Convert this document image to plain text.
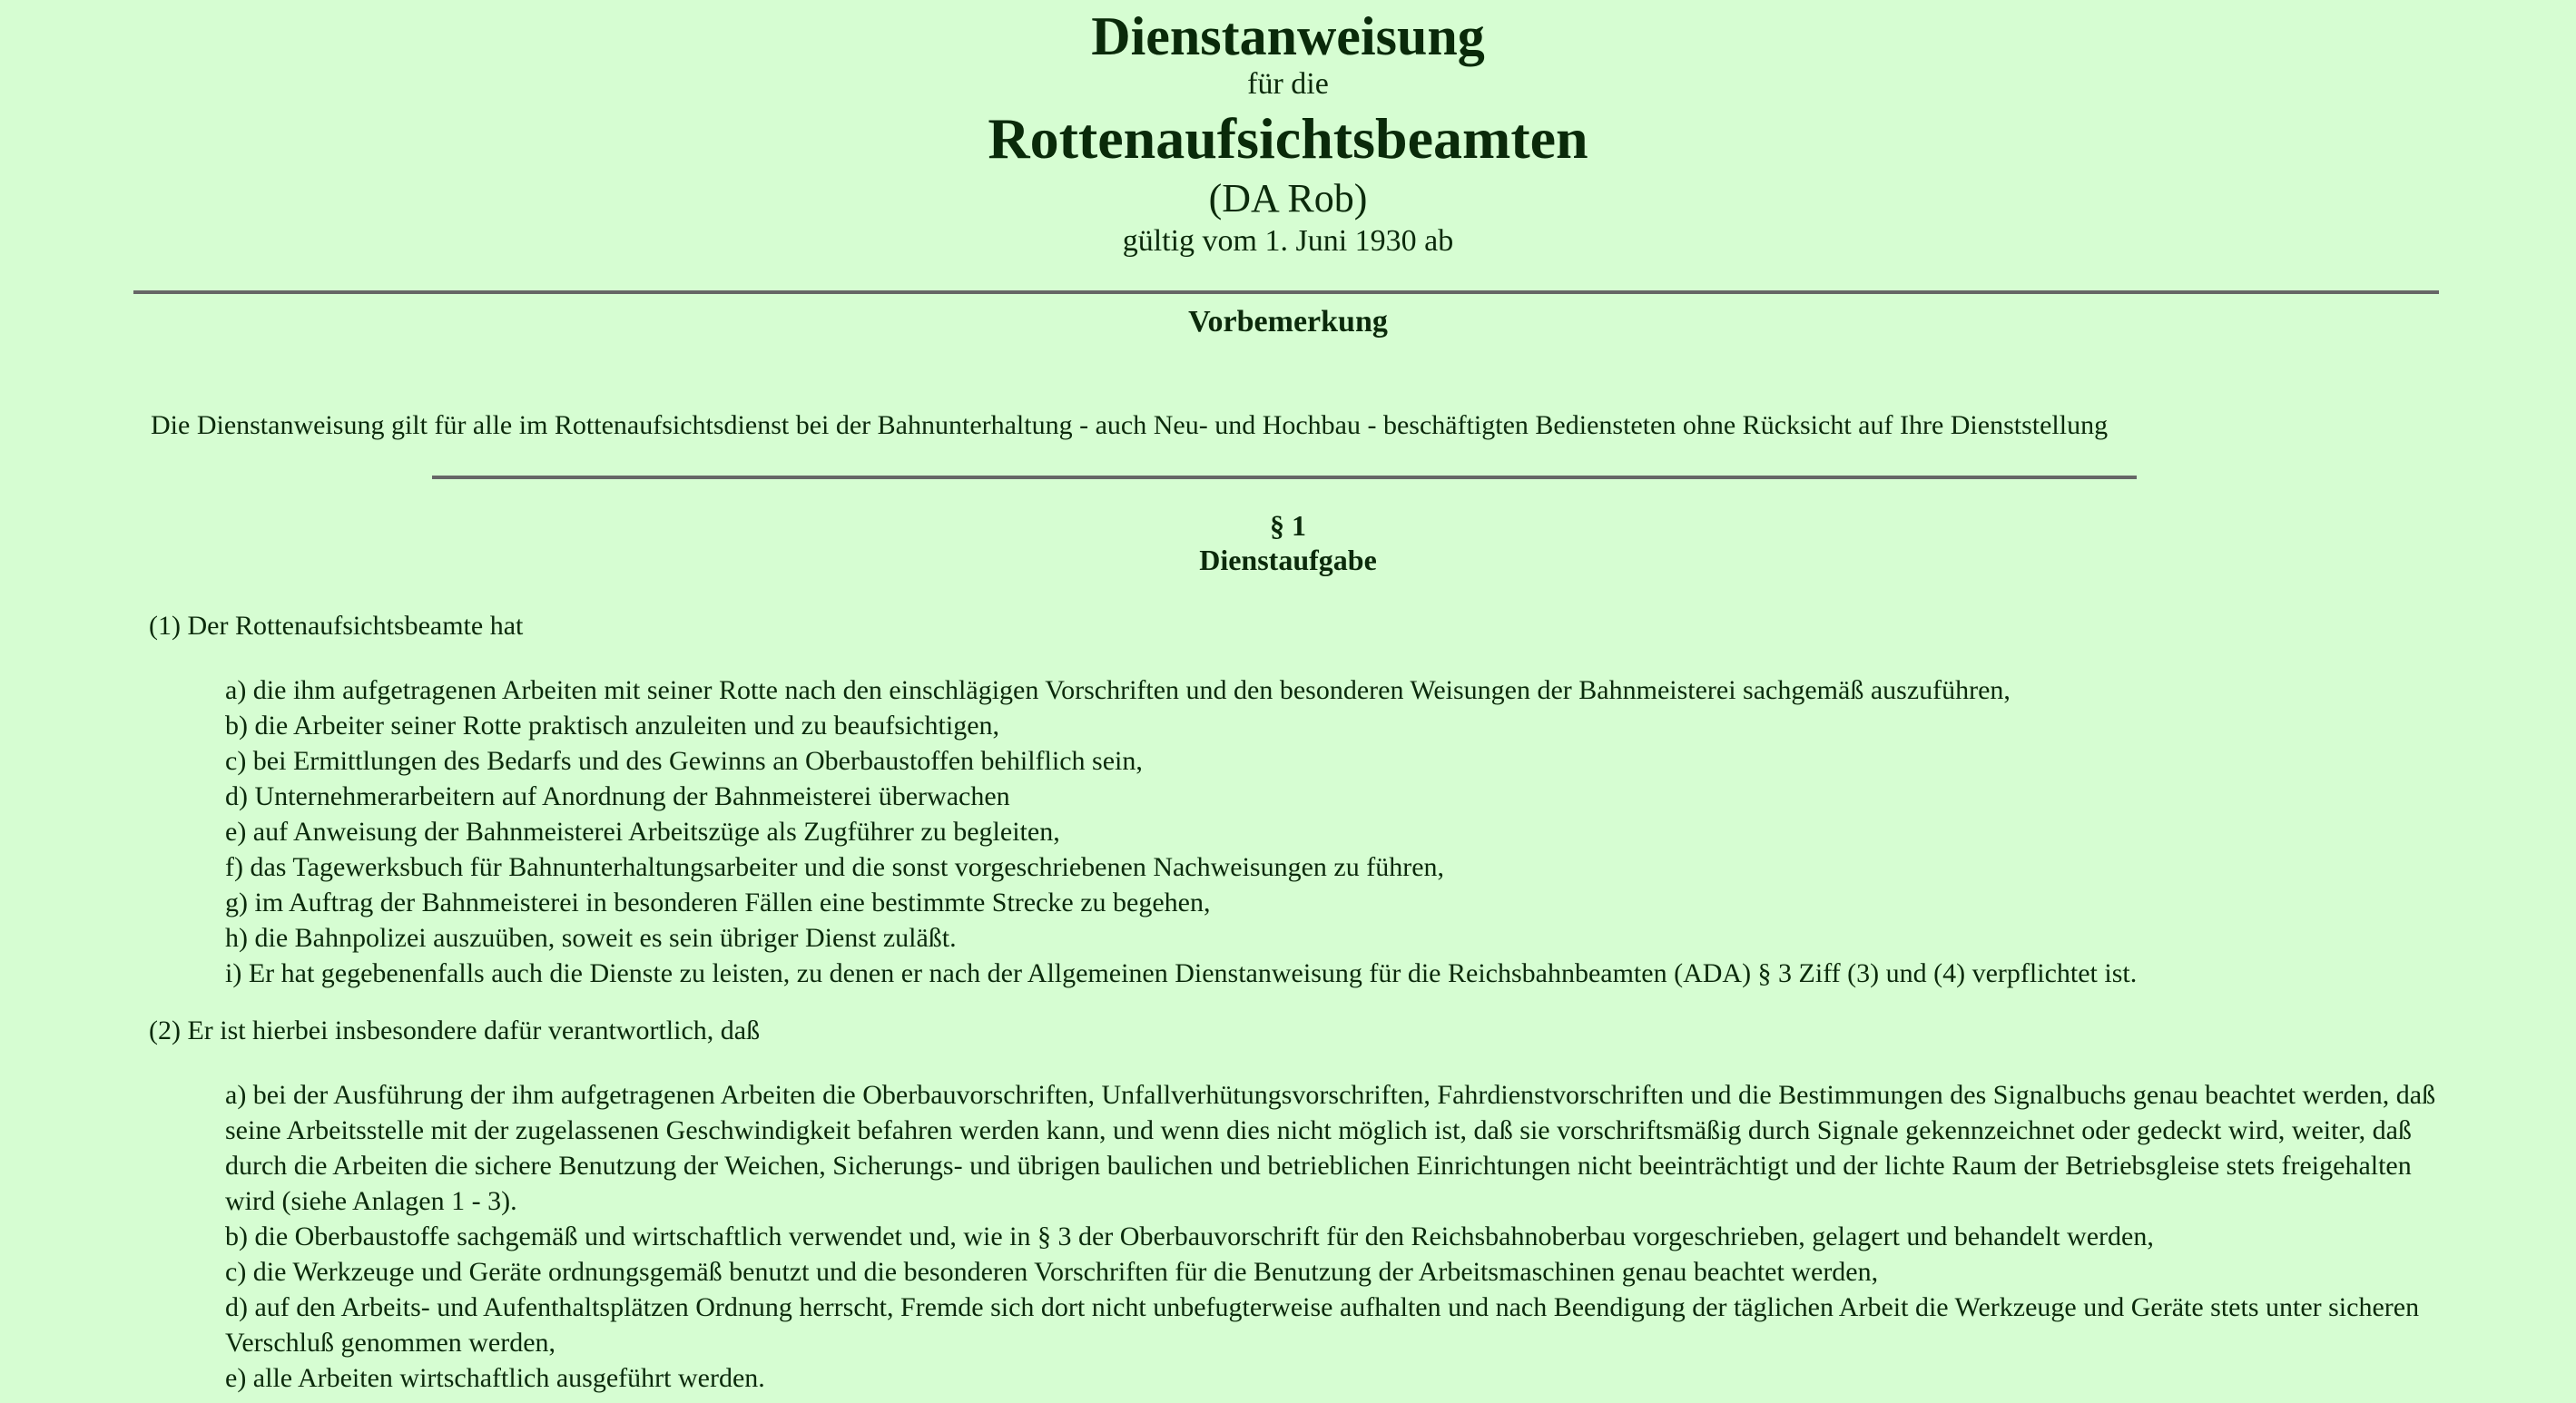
Dienstanweisung

für die

Rottenaufsichtsbeamten

(DA Rob)

gültig vom 1. Juni 1930 ab

Vorbemerkung
Die Dienstanweisung gilt für alle im Rottenaufsichtsdienst bei der Bahnunterhaltung - auch Neu- und Hochbau - beschäftigten Bediensteten ohne Rücksicht auf Ihre Dienststellung
§ 1
Dienstaufgabe

(1) Der Rottenaufsichtsbeamte hat

a) die ihm aufgetragenen Arbeiten mit seiner Rotte nach den einschlägigen Vorschriften und den besonderen Weisungen der Bahnmeisterei sachgemäß auszuführen,
b) die Arbeiter seiner Rotte praktisch anzuleiten und zu beaufsichtigen,
c) bei Ermittlungen des Bedarfs und des Gewinns an Oberbaustoffen behilflich sein,
d) Unternehmerarbeitern auf Anordnung der Bahnmeisterei überwachen
e) auf Anweisung der Bahnmeisterei Arbeitszüge als Zugführer zu begleiten,
f) das Tagewerksbuch für Bahnunterhaltungsarbeiter und die sonst vorgeschriebenen Nachweisungen zu führen,
g) im Auftrag der Bahnmeisterei in besonderen Fällen eine bestimmte Strecke zu begehen,
h) die Bahnpolizei auszuüben, soweit es sein übriger Dienst zuläßt.
i) Er hat gegebenenfalls auch die Dienste zu leisten, zu denen er nach der Allgemeinen Dienstanweisung für die Reichsbahnbeamten (ADA) § 3 Ziff (3) und (4) verpflichtet ist.

(2) Er ist hierbei insbesondere dafür verantwortlich, daß

a) bei der Ausführung der ihm aufgetragenen Arbeiten die Oberbauvorschriften, Unfallverhütungsvorschriften, Fahrdienstvorschriften und die Bestimmungen des Signalbuchs genau beachtet werden, daß seine Arbeitsstelle mit der zugelassenen Geschwindigkeit befahren werden kann, und wenn dies nicht möglich ist, daß sie vorschriftsmäßig durch Signale gekennzeichnet oder gedeckt wird, weiter, daß durch die Arbeiten die sichere Benutzung der Weichen, Sicherungs- und übrigen baulichen und betrieblichen Einrichtungen nicht beeinträchtigt und der lichte Raum der Betriebsgleise stets freigehalten wird (siehe Anlagen 1 - 3).
b) die Oberbaustoffe sachgemäß und wirtschaftlich verwendet und, wie in § 3 der Oberbauvorschrift für den Reichsbahnoberbau vorgeschrieben, gelagert und behandelt werden,
c) die Werkzeuge und Geräte ordnungsgemäß benutzt und die besonderen Vorschriften für die Benutzung der Arbeitsmaschinen genau beachtet werden,
d) auf den Arbeits- und Aufenthaltsplätzen Ordnung herrscht, Fremde sich dort nicht unbefugterweise aufhalten und nach Beendigung der täglichen Arbeit die Werkzeuge und Geräte stets unter sicheren Verschluß genommen werden,
e) alle Arbeiten wirtschaftlich ausgeführt werden.
